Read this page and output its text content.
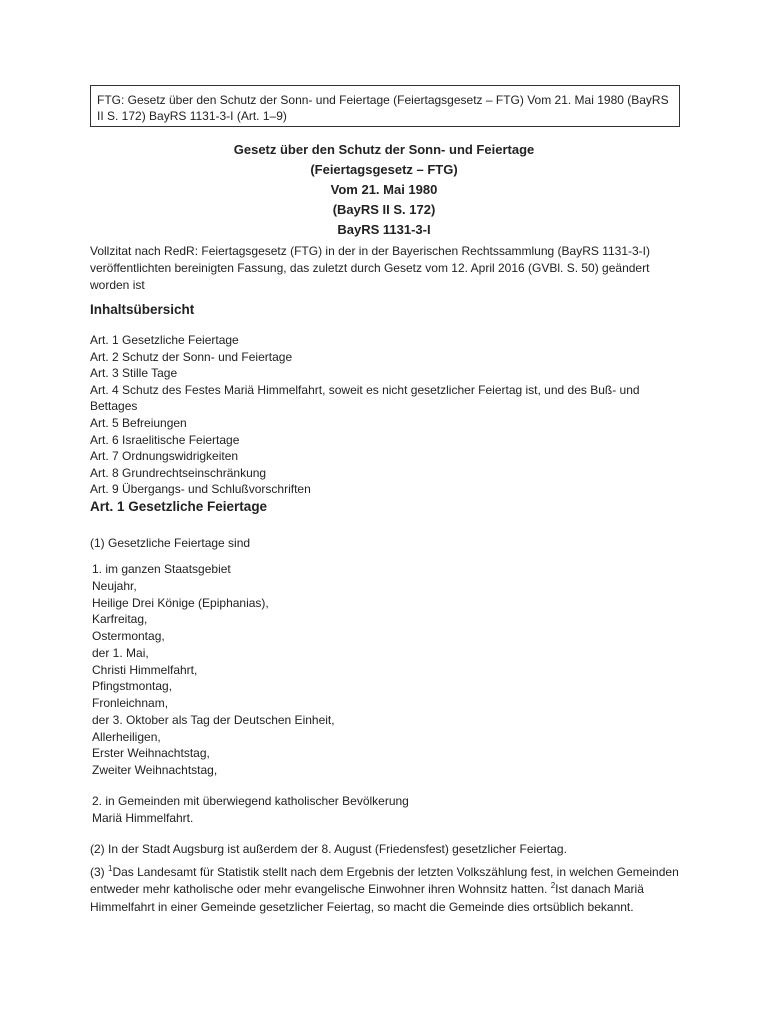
FTG: Gesetz über den Schutz der Sonn- und Feiertage (Feiertagsgesetz – FTG) Vom 21. Mai 1980 (BayRS II S. 172) BayRS 1131-3-I (Art. 1–9)
Gesetz über den Schutz der Sonn- und Feiertage
(Feiertagsgesetz – FTG)
Vom 21. Mai 1980
(BayRS II S. 172)
BayRS 1131-3-I
Vollzitat nach RedR: Feiertagsgesetz (FTG) in der in der Bayerischen Rechtssammlung (BayRS 1131-3-I) veröffentlichten bereinigten Fassung, das zuletzt durch Gesetz vom 12. April 2016 (GVBl. S. 50) geändert worden ist
Inhaltsübersicht
Art. 1 Gesetzliche Feiertage
Art. 2 Schutz der Sonn- und Feiertage
Art. 3 Stille Tage
Art. 4 Schutz des Festes Mariä Himmelfahrt, soweit es nicht gesetzlicher Feiertag ist, und des Buß- und Bettages
Art. 5 Befreiungen
Art. 6 Israelitische Feiertage
Art. 7 Ordnungswidrigkeiten
Art. 8 Grundrechtseinschränkung
Art. 9 Übergangs- und Schlußvorschriften
Art. 1 Gesetzliche Feiertage
(1) Gesetzliche Feiertage sind
1. im ganzen Staatsgebiet
Neujahr,
Heilige Drei Könige (Epiphanias),
Karfreitag,
Ostermontag,
der 1. Mai,
Christi Himmelfahrt,
Pfingstmontag,
Fronleichnam,
der 3. Oktober als Tag der Deutschen Einheit,
Allerheiligen,
Erster Weihnachtstag,
Zweiter Weihnachtstag,
2. in Gemeinden mit überwiegend katholischer Bevölkerung
Mariä Himmelfahrt.
(2) In der Stadt Augsburg ist außerdem der 8. August (Friedensfest) gesetzlicher Feiertag.
(3) $^1$Das Landesamt für Statistik stellt nach dem Ergebnis der letzten Volkszählung fest, in welchen Gemeinden entweder mehr katholische oder mehr evangelische Einwohner ihren Wohnsitz hatten. $^2$Ist danach Mariä Himmelfahrt in einer Gemeinde gesetzlicher Feiertag, so macht die Gemeinde dies ortsüblich bekannt.
